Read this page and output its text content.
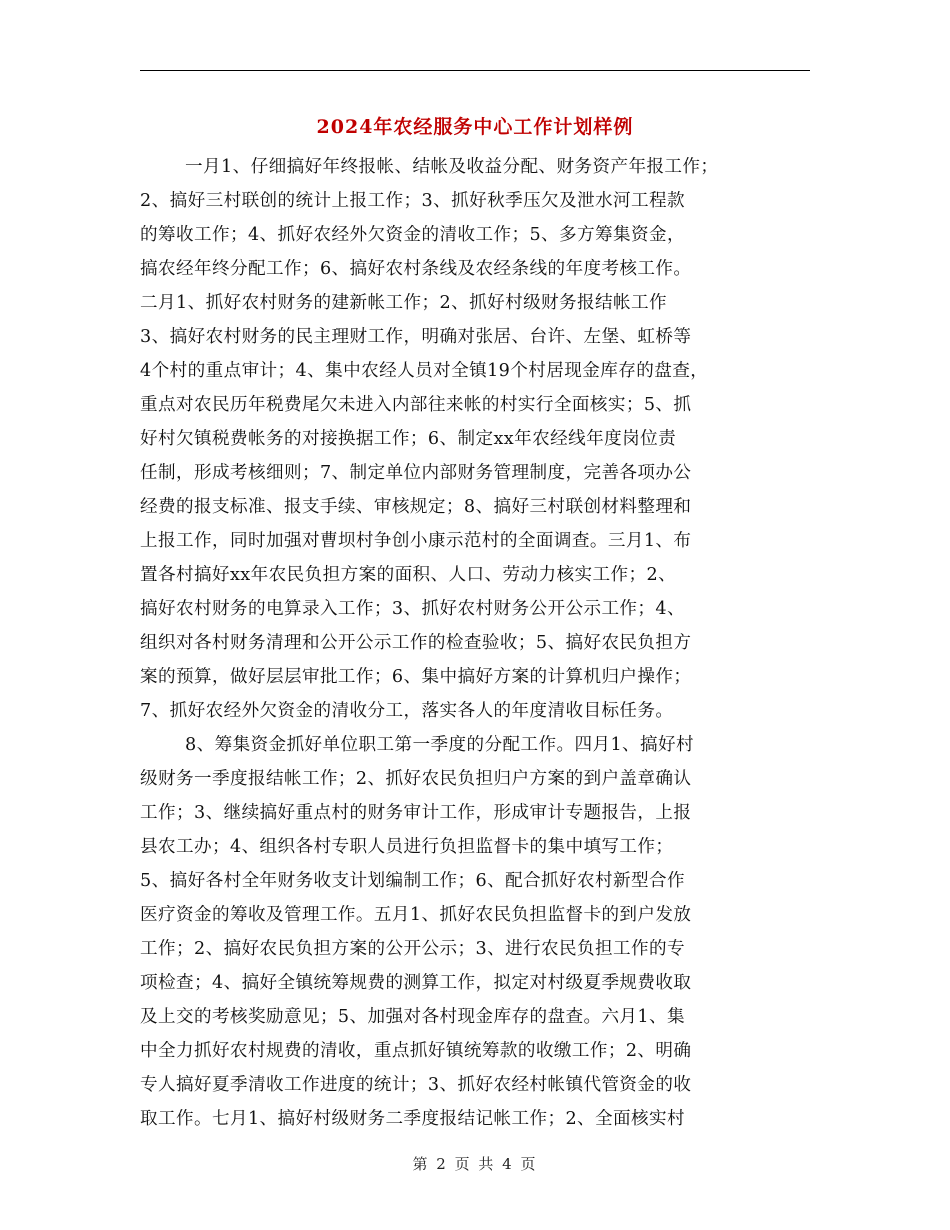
2024年农经服务中心工作计划样例
一月1、仔细搞好年终报帐、结帐及收益分配、财务资产年报工作；
2、搞好三村联创的统计上报工作；3、抓好秋季压欠及泄水河工程款
的筹收工作；4、抓好农经外欠资金的清收工作；5、多方筹集资金，
搞农经年终分配工作；6、搞好农村条线及农经条线的年度考核工作。
二月1、抓好农村财务的建新帐工作；2、抓好村级财务报结帐工作
3、搞好农村财务的民主理财工作，明确对张居、台许、左堡、虹桥等
4个村的重点审计；4、集中农经人员对全镇19个村居现金库存的盘查，
重点对农民历年税费尾欠未进入内部往来帐的村实行全面核实；5、抓
好村欠镇税费帐务的对接换据工作；6、制定xx年农经线年度岗位责
任制，形成考核细则；7、制定单位内部财务管理制度，完善各项办公
经费的报支标准、报支手续、审核规定；8、搞好三村联创材料整理和
上报工作，同时加强对曹坝村争创小康示范村的全面调查。三月1、布
置各村搞好xx年农民负担方案的面积、人口、劳动力核实工作；2、
搞好农村财务的电算录入工作；3、抓好农村财务公开公示工作；4、
组织对各村财务清理和公开公示工作的检查验收；5、搞好农民负担方
案的预算，做好层层审批工作；6、集中搞好方案的计算机归户操作；
7、抓好农经外欠资金的清收分工，落实各人的年度清收目标任务。
8、筹集资金抓好单位职工第一季度的分配工作。四月1、搞好村
级财务一季度报结帐工作；2、抓好农民负担归户方案的到户盖章确认
工作；3、继续搞好重点村的财务审计工作，形成审计专题报告，上报
县农工办；4、组织各村专职人员进行负担监督卡的集中填写工作；
5、搞好各村全年财务收支计划编制工作；6、配合抓好农村新型合作
医疗资金的筹收及管理工作。五月1、抓好农民负担监督卡的到户发放
工作；2、搞好农民负担方案的公开公示；3、进行农民负担工作的专
项检查；4、搞好全镇统筹规费的测算工作，拟定对村级夏季规费收取
及上交的考核奖励意见；5、加强对各村现金库存的盘查。六月1、集
中全力抓好农村规费的清收，重点抓好镇统筹款的收缴工作；2、明确
专人搞好夏季清收工作进度的统计；3、抓好农经村帐镇代管资金的收
取工作。七月1、搞好村级财务二季度报结记帐工作；2、全面核实村
第 2 页 共 4 页
